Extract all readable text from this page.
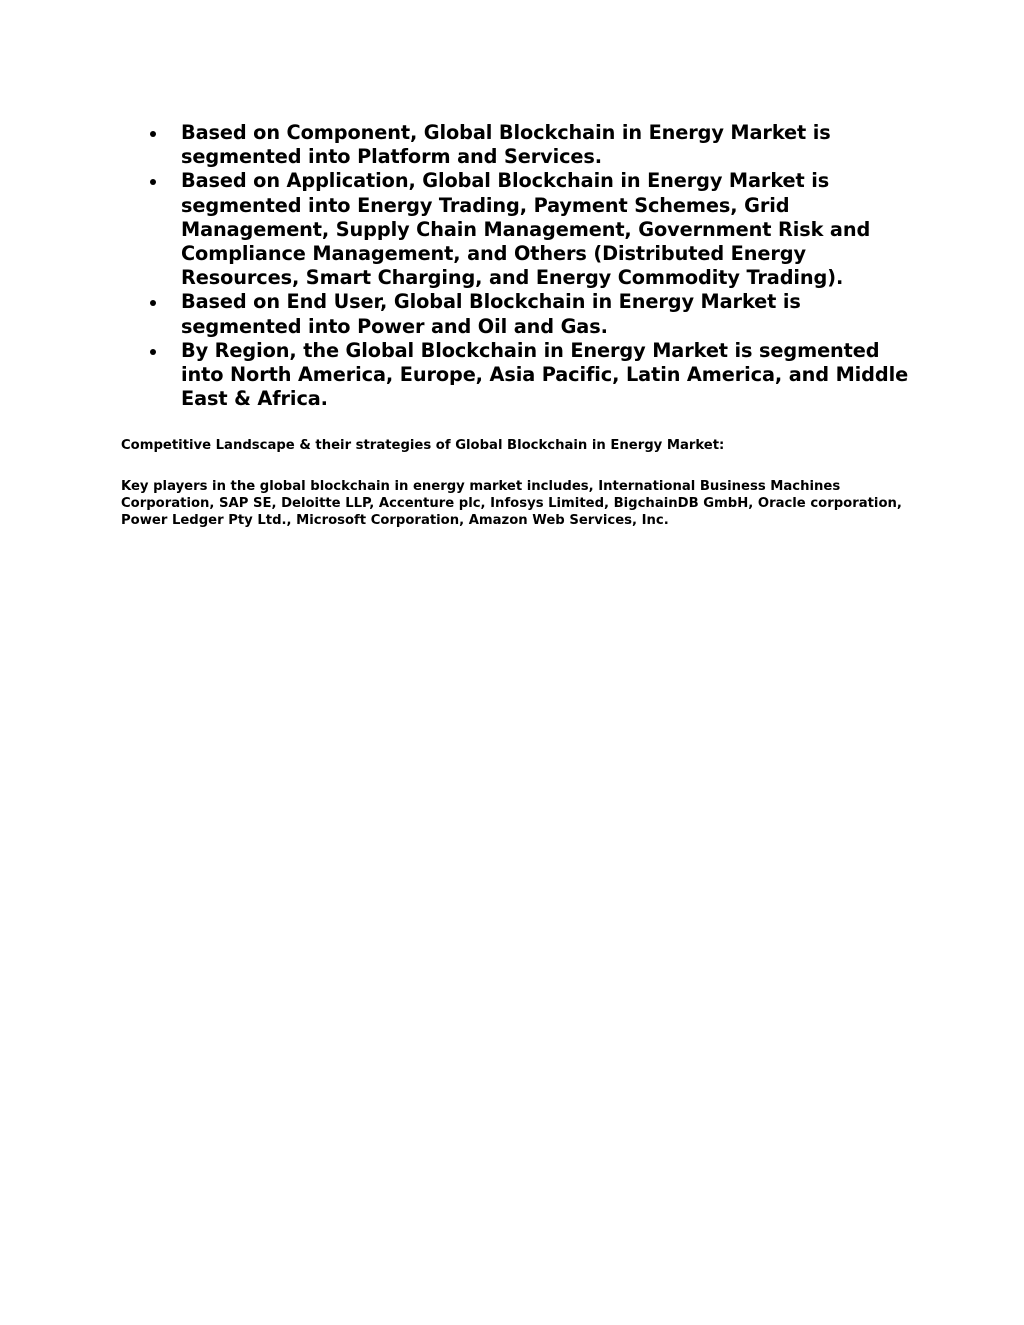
Based on Component, Global Blockchain in Energy Market is segmented into Platform and Services.
Based on Application, Global Blockchain in Energy Market is segmented into Energy Trading, Payment Schemes, Grid Management, Supply Chain Management, Government Risk and Compliance Management, and Others (Distributed Energy Resources, Smart Charging, and Energy Commodity Trading).
Based on End User, Global Blockchain in Energy Market is segmented into Power and Oil and Gas.
By Region, the Global Blockchain in Energy Market is segmented into North America, Europe, Asia Pacific, Latin America, and Middle East & Africa.

Competitive Landscape & their strategies of Global Blockchain in Energy Market:

Key players in the global blockchain in energy market includes, International Business Machines Corporation, SAP SE, Deloitte LLP, Accenture plc, Infosys Limited, BigchainDB GmbH, Oracle corporation, Power Ledger Pty Ltd., Microsoft Corporation, Amazon Web Services, Inc.
